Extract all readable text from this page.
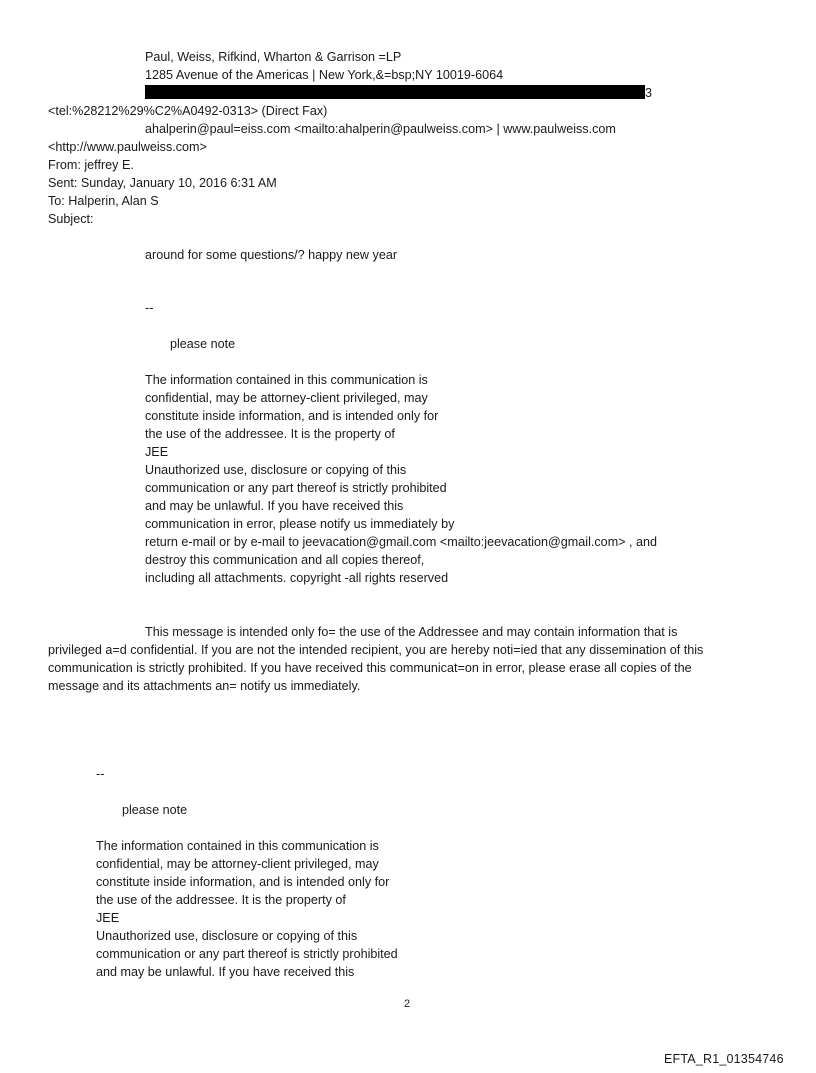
Paul, Weiss, Rifkind, Wharton & Garrison =LP
1285 Avenue of the Americas | New York,&=bsp;NY 10019-6064
3
<tel:%28212%29%C2%A0492-0313> (Direct Fax)
ahalperin@paul=eiss.com <mailto:ahalperin@paulweiss.com> | www.paulweiss.com
<http://www.paulweiss.com>
From: jeffrey E.
Sent: Sunday, January 10, 2016 6:31 AM
To: Halperin, Alan S
Subject:
around for some questions/? happy new year
--
please note
The information contained in this communication is
confidential, may be attorney-client privileged, may
constitute inside information, and is intended only for
the use of the addressee. It is the property of
JEE
Unauthorized use, disclosure or copying of this
communication or any part thereof is strictly prohibited
and may be unlawful. If you have received this
communication in error, please notify us immediately by
return e-mail or by e-mail to jeevacation@gmail.com <mailto:jeevacation@gmail.com> , and
destroy this communication and all copies thereof,
including all attachments. copyright -all rights reserved
This message is intended only fo= the use of the Addressee and may contain information that is
privileged a=d confidential. If you are not the intended recipient, you are hereby noti=ied that any dissemination of this
communication is strictly prohibited. If you have received this communicat=on in error, please erase all copies of the
message and its attachments an= notify us immediately.
--
please note
The information contained in this communication is
confidential, may be attorney-client privileged, may
constitute inside information, and is intended only for
the use of the addressee. It is the property of
JEE
Unauthorized use, disclosure or copying of this
communication or any part thereof is strictly prohibited
and may be unlawful. If you have received this
2
EFTA_R1_01354746
